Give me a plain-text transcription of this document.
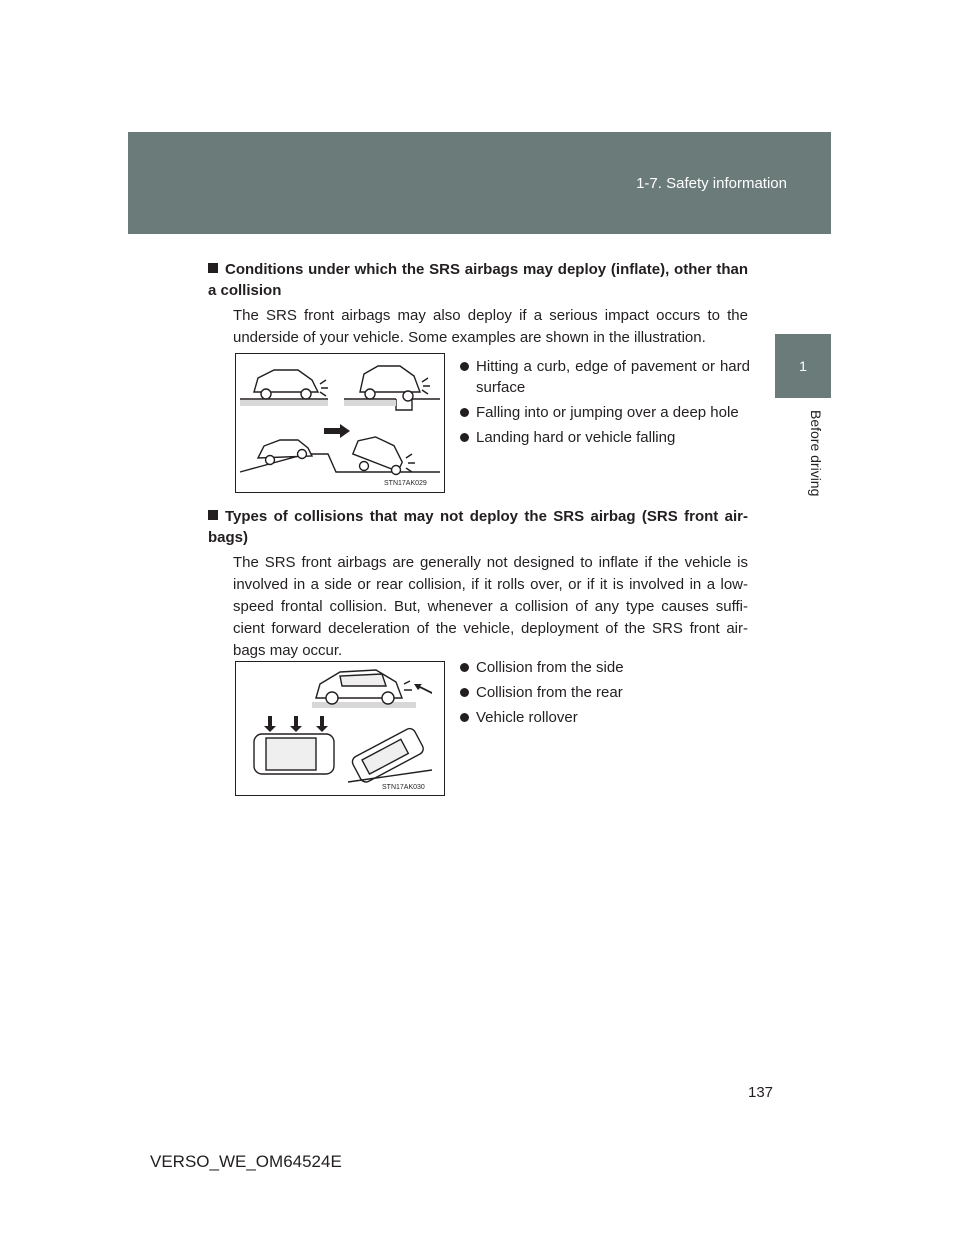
1-7. Safety information
1
Before driving
Conditions under which the SRS airbags may deploy (inflate), other than a collision
The SRS front airbags may also deploy if a serious impact occurs to the underside of your vehicle. Some examples are shown in the illustration.
STN17AK029
Hitting a curb, edge of pavement or hard surface
Falling into or jumping over a deep hole
Landing hard or vehicle falling
Types of collisions that may not deploy the SRS airbag (SRS front air-bags)
The SRS front airbags are generally not designed to inflate if the vehicle is involved in a side or rear collision, if it rolls over, or if it is involved in a low-speed frontal collision. But, whenever a collision of any type causes suffi-cient forward deceleration of the vehicle, deployment of the SRS front air-bags may occur.
STN17AK030
Collision from the side
Collision from the rear
Vehicle rollover
137
VERSO_WE_OM64524E
